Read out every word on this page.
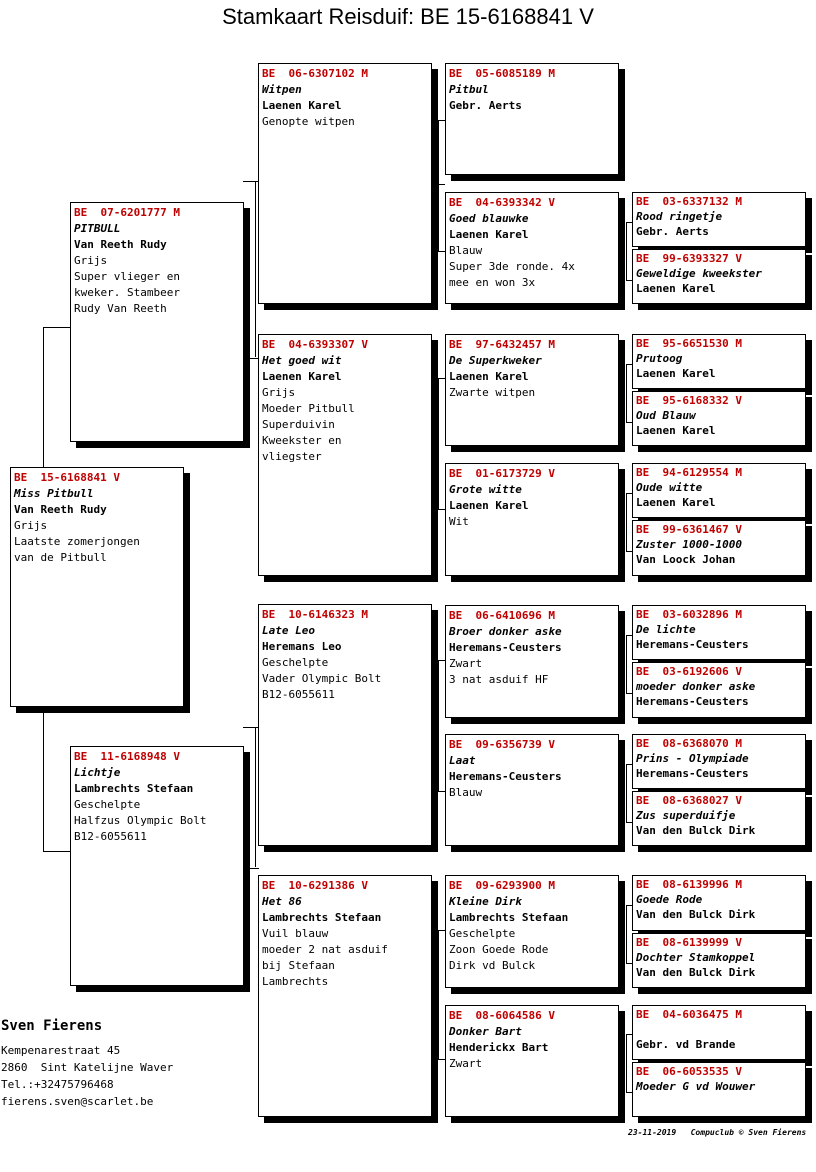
Stamkaart Reisduif: BE 15-6168841 V
BE  15-6168841 V
Miss Pitbull
Van Reeth Rudy
Grijs
Laatste zomerjongen
van de Pitbull
BE  07-6201777 M
PITBULL
Van Reeth Rudy
Grijs
Super vlieger en
kweker. Stambeer
Rudy Van Reeth
BE  11-6168948 V
Lichtje
Lambrechts Stefaan
Geschelpte
Halfzus Olympic Bolt
B12-6055611
BE  06-6307102 M
Witpen
Laenen Karel
Genopte witpen
BE  04-6393307 V
Het goed wit
Laenen Karel
Grijs
Moeder Pitbull
Superduivin
Kweekster en
vliegster
BE  10-6146323 M
Late Leo
Heremans Leo
Geschelpte
Vader Olympic Bolt
B12-6055611
BE  10-6291386 V
Het 86
Lambrechts Stefaan
Vuil blauw
moeder 2 nat asduif
bij Stefaan
Lambrechts
BE  05-6085189 M
Pitbul
Gebr. Aerts
BE  04-6393342 V
Goed blauwke
Laenen Karel
Blauw
Super 3de ronde. 4x
mee en won 3x
BE  97-6432457 M
De Superkweker
Laenen Karel
Zwarte witpen
BE  01-6173729 V
Grote witte
Laenen Karel
Wit
BE  06-6410696 M
Broer donker aske
Heremans-Ceusters
Zwart
3 nat asduif HF
BE  09-6356739 V
Laat
Heremans-Ceusters
Blauw
BE  09-6293900 M
Kleine Dirk
Lambrechts Stefaan
Geschelpte
Zoon Goede Rode
Dirk vd Bulck
BE  08-6064586 V
Donker Bart
Henderickx Bart
Zwart
BE  03-6337132 M
Rood ringetje
Gebr. Aerts
BE  99-6393327 V
Geweldige kweekster
Laenen Karel
BE  95-6651530 M
Prutoog
Laenen Karel
BE  95-6168332 V
Oud Blauw
Laenen Karel
BE  94-6129554 M
Oude witte
Laenen Karel
BE  99-6361467 V
Zuster 1000-1000
Van Loock Johan
BE  03-6032896 M
De lichte
Heremans-Ceusters
BE  03-6192606 V
moeder donker aske
Heremans-Ceusters
BE  08-6368070 M
Prins - Olympiade
Heremans-Ceusters
BE  08-6368027 V
Zus superduifje
Van den Bulck Dirk
BE  08-6139996 M
Goede Rode
Van den Bulck Dirk
BE  08-6139999 V
Dochter Stamkoppel
Van den Bulck Dirk
BE  04-6036475 M
Gebr. vd Brande
BE  06-6053535 V
Moeder G vd Wouwer
Sven Fierens
Kempenarestraat 45
2860  Sint Katelijne Waver
Tel.:+32475796468
fierens.sven@scarlet.be
23-11-2019   Compuclub © Sven Fierens
